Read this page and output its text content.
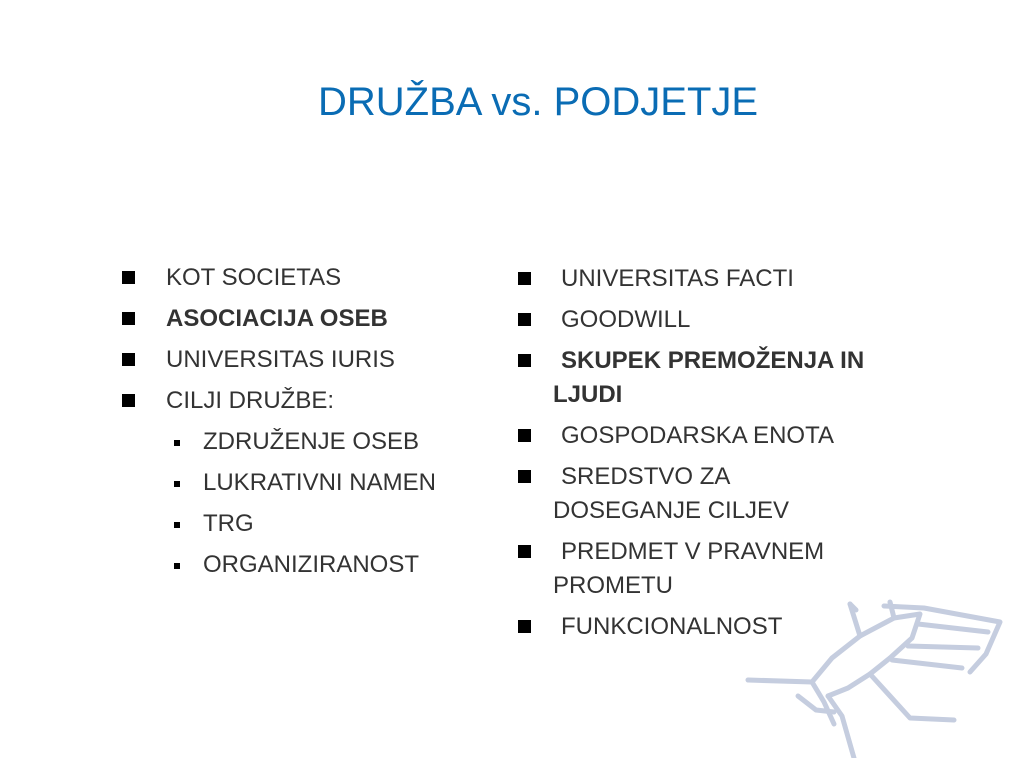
DRUŽBA vs. PODJETJE
KOT SOCIETAS
ASOCIACIJA OSEB
UNIVERSITAS IURIS
CILJI DRUŽBE:
ZDRUŽENJE OSEB
LUKRATIVNI NAMEN
TRG
ORGANIZIRANOST
UNIVERSITAS FACTI
GOODWILL
SKUPEK PREMOŽENJA IN LJUDI
GOSPODARSKA ENOTA
SREDSTVO ZA DOSEGANJE CILJEV
PREDMET V PRAVNEM PROMETU
FUNKCIONALNOST
